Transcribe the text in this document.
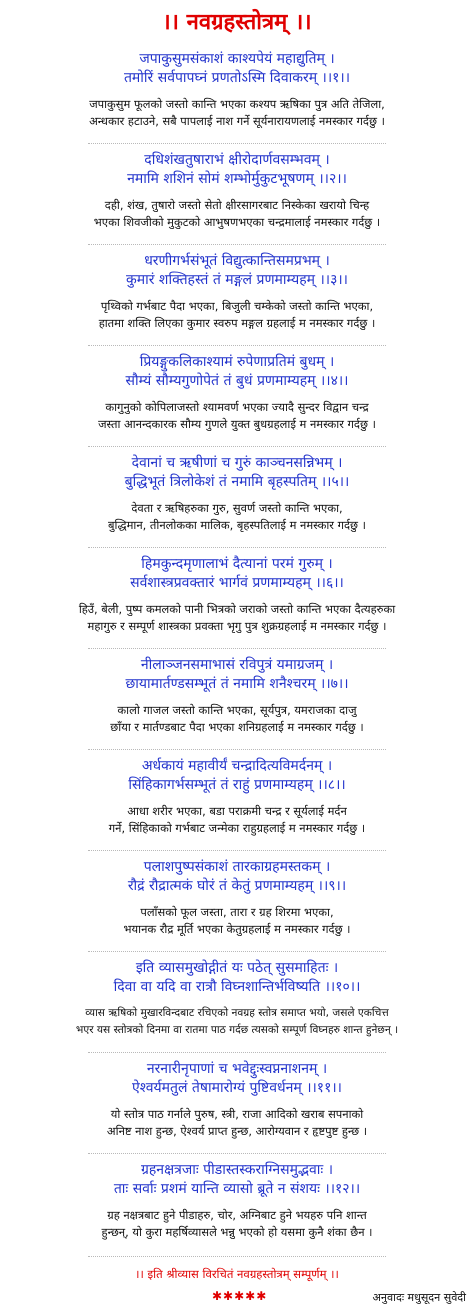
।। नवग्रहस्तोत्रम् ।।
जपाकुसुमसंकाशं काश्यपेयं महाद्युतिम् ।
तमोरिं सर्वपापघ्नं प्रणतोऽस्मि दिवाकरम् ।।१।।
जपाकुसुम फूलको जस्तो कान्ति भएका कश्यप ऋषिका पुत्र अति तेजिला,
अन्धकार हटाउने, सबै पापलाई नाश गर्ने सूर्यनारायणलाई नमस्कार गर्दछु ।
दधिशंखतुषाराभं क्षीरोदार्णवसम्भवम् ।
नमामि शशिनं सोमं शम्भोर्मुकुटभूषणम् ।।२।।
दही, शंख, तुषारो जस्तो सेतो क्षीरसागरबाट निस्केका खरायो चिन्ह
भएका शिवजीको मुकुटको आभुषणभएका चन्द्रमालाई नमस्कार गर्दछु ।
धरणीगर्भसंभूतं विद्युत्कान्तिसमप्रभम् ।
कुमारं शक्तिहस्तं तं मङ्गलं प्रणमाम्यहम् ।।३।।
पृथ्विको गर्भबाट पैदा भएका, बिजुली चम्केको जस्तो कान्ति भएका,
हातमा शक्ति लिएका कुमार स्वरुप मङ्गल ग्रहलाई म नमस्कार गर्दछु ।
प्रियङ्गुकलिकाश्यामं रुपेणाप्रतिमं बुधम् ।
सौम्यं सौम्यगुणोपेतं तं बुधं प्रणमाम्यहम् ।।४।।
कागुनुको कोपिलाजस्तो श्यामवर्ण भएका ज्यादै सुन्दर विद्वान चन्द्र
जस्ता आनन्दकारक सौम्य गुणले युक्त बुधग्रहलाई म नमस्कार गर्दछु ।
देवानां च ऋषीणां च गुरुं काञ्चनसन्निभम् ।
बुद्धिभूतं त्रिलोकेशं तं नमामि बृहस्पतिम् ।।५।।
देवता र ऋषिहरुका गुरु, सुवर्ण जस्तो कान्ति भएका,
बुद्धिमान, तीनलोकका मालिक, बृहस्पतिलाई म नमस्कार गर्दछु ।
हिमकुन्दमृणालाभं दैत्यानां परमं गुरुम् ।
सर्वशास्त्रप्रवक्तारं भार्गवं प्रणमाम्यहम् ।।६।।
हिउँ, बेली, पुष्प कमलको पानी भित्रको जराको जस्तो कान्ति भएका दैत्यहरुका
महागुरु र सम्पूर्ण शास्त्रका प्रवक्ता भृगु पुत्र शुक्रग्रहलाई म नमस्कार गर्दछु ।
नीलाञ्जनसमाभासं रविपुत्रं यमाग्रजम् ।
छायामार्तण्डसम्भूतं तं नमामि शनैश्चरम् ।।७।।
कालो गाजल जस्तो कान्ति भएका, सूर्यपुत्र, यमराजका दाजु
छाँया र मार्तण्डबाट पैदा भएका शनिग्रहलाई म नमस्कार गर्दछु ।
अर्धकायं महावीर्यं चन्द्रादित्यविमर्दनम् ।
सिंहिकागर्भसम्भूतं तं राहुं प्रणमाम्यहम् ।।८।।
आधा शरीर भएका, बडा पराक्रमी चन्द्र र सूर्यलाई मर्दन
गर्ने, सिंहिकाको गर्भबाट जन्मेका राहुग्रहलाई म नमस्कार गर्दछु ।
पलाशपुष्पसंकाशं तारकाग्रहमस्तकम् ।
रौद्रं रौद्रात्मकं घोरं तं केतुं प्रणमाम्यहम् ।।९।।
पलाँसको फूल जस्ता, तारा र ग्रह शिरमा भएका,
भयानक रौद्र मूर्ति भएका केतुग्रहलाई म नमस्कार गर्दछु ।
इति व्यासमुखोद्गीतं यः पठेत् सुसमाहितः ।
दिवा वा यदि वा रात्रौ विघ्नशान्तिर्भविष्यति ।।१०।।
व्यास ऋषिको मुखारविन्दबाट रचिएको नवग्रह स्तोत्र समाप्त भयो, जसले एकचित्त
भएर यस स्तोत्रको दिनमा वा रातमा पाठ गर्दछ त्यसको सम्पूर्ण विघ्नहरु शान्त हुनेछन् ।
नरनारीनृपाणां च भवेद्दुःस्वप्ननाशनम् ।
ऐश्वर्यमतुलं तेषामारोग्यं पुष्टिवर्धनम् ।।११।।
यो स्तोत्र पाठ गर्नाले पुरुष, स्त्री, राजा आदिको खराब सपनाको
अनिष्ट नाश हुन्छ, ऐश्वर्य प्राप्त हुन्छ, आरोग्यवान र हृष्टपुष्ट हुन्छ ।
ग्रहनक्षत्रजाः पीडास्तस्कराग्निसमुद्भवाः ।
ताः सर्वाः प्रशमं यान्ति व्यासो ब्रूते न संशयः ।।१२।।
ग्रह नक्षत्रबाट हुने पीडाहरु, चोर, अग्निबाट हुने भयहरु पनि शान्त
हुन्छन्, यो कुरा महर्षिव्यासले भन्नु भएको हो यसमा कुनै शंका छैन ।
।। इति श्रीव्यास विरचितं नवग्रहस्तोत्रम् सम्पूर्णम् ।।
✱✱✱✱✱	अनुवादः मधुसूदन सुवेदी
